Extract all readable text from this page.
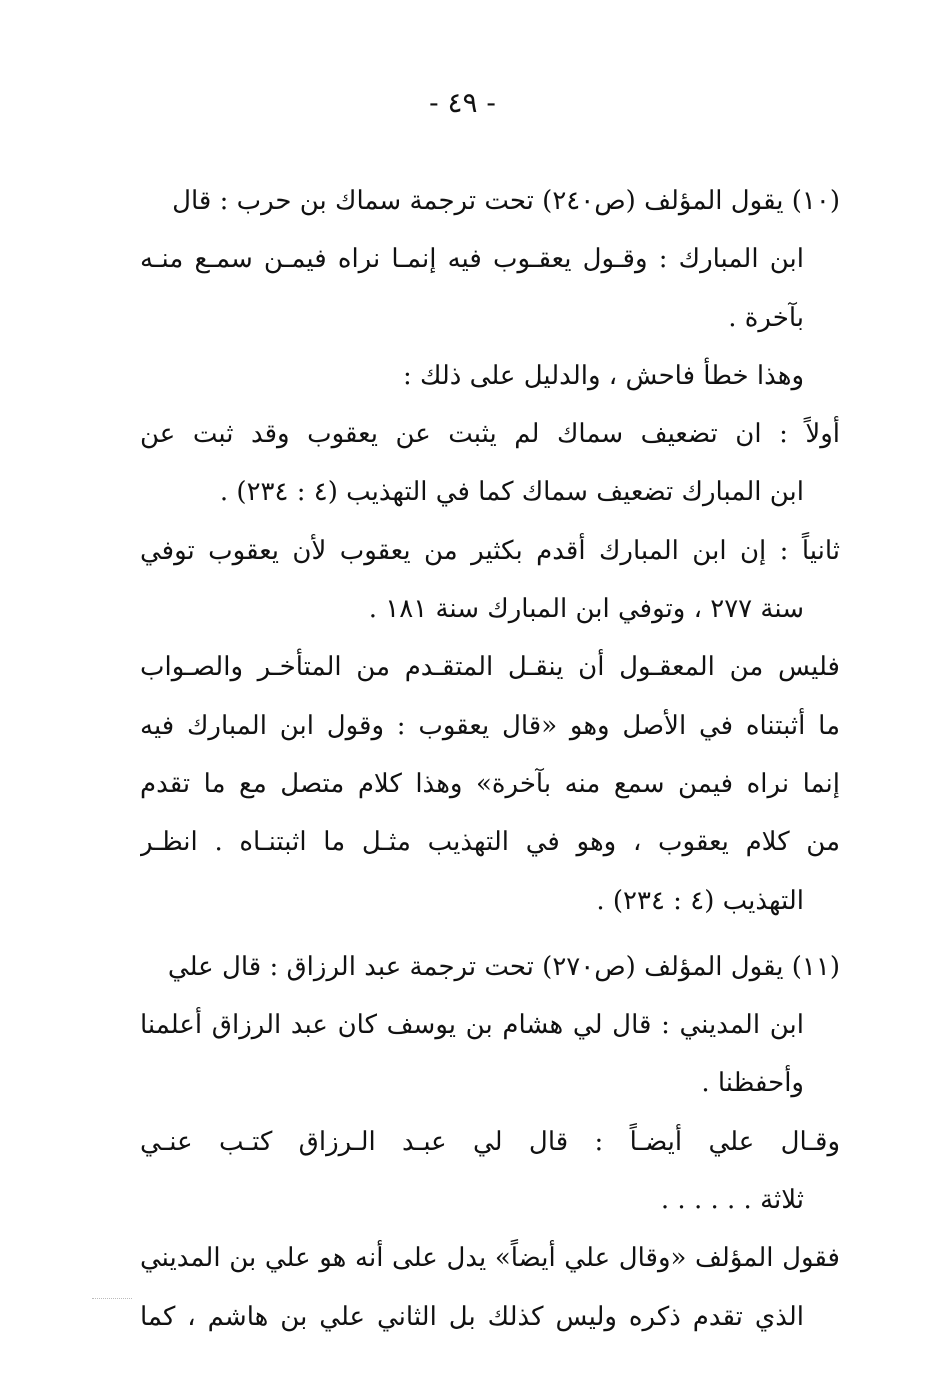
- ٤٩ -
(١٠) يقول المؤلف (ص٢٤٠) تحت ترجمة سماك بن حرب : قال
ابن المبارك : وقـول يعقـوب فيه إنمـا نراه فيمـن سمـع منـه
بآخرة .
وهذا خطأ فاحش ، والدليل على ذلك :
أولاً : ان تضعيف سماك لم يثبت عن يعقوب وقد ثبت عن
ابن المبارك تضعيف سماك كما في التهذيب (٤ : ٢٣٤) .
ثانياً : إن ابن المبارك أقدم بكثير من يعقوب لأن يعقوب توفي
سنة ٢٧٧ ، وتوفي ابن المبارك سنة ١٨١ .
فليس من المعقـول أن ينقـل المتقـدم من المتأخـر والصـواب
ما أثبتناه في الأصل وهو «قال يعقوب : وقول ابن المبارك فيه
إنما نراه فيمن سمع منه بآخرة» وهذا كلام متصل مع ما تقدم
من كلام يعقوب ، وهو في التهذيب مثـل ما اثبتنـاه . انظـر
التهذيب (٤ : ٢٣٤) .
(١١) يقول المؤلف (ص٢٧٠) تحت ترجمة عبد الرزاق : قال علي
ابن المديني : قال لي هشام بن يوسف كان عبد الرزاق أعلمنا
وأحفظنا .
وقـال علي أيضـاً : قال لي عبـد الـرزاق كتـب عنـي
ثلاثة . . . . . .
فقول المؤلف «وقال علي أيضاً» يدل على أنه هو علي بن المديني
الذي تقدم ذكره وليس كذلك بل الثاني علي بن هاشم ، كما
